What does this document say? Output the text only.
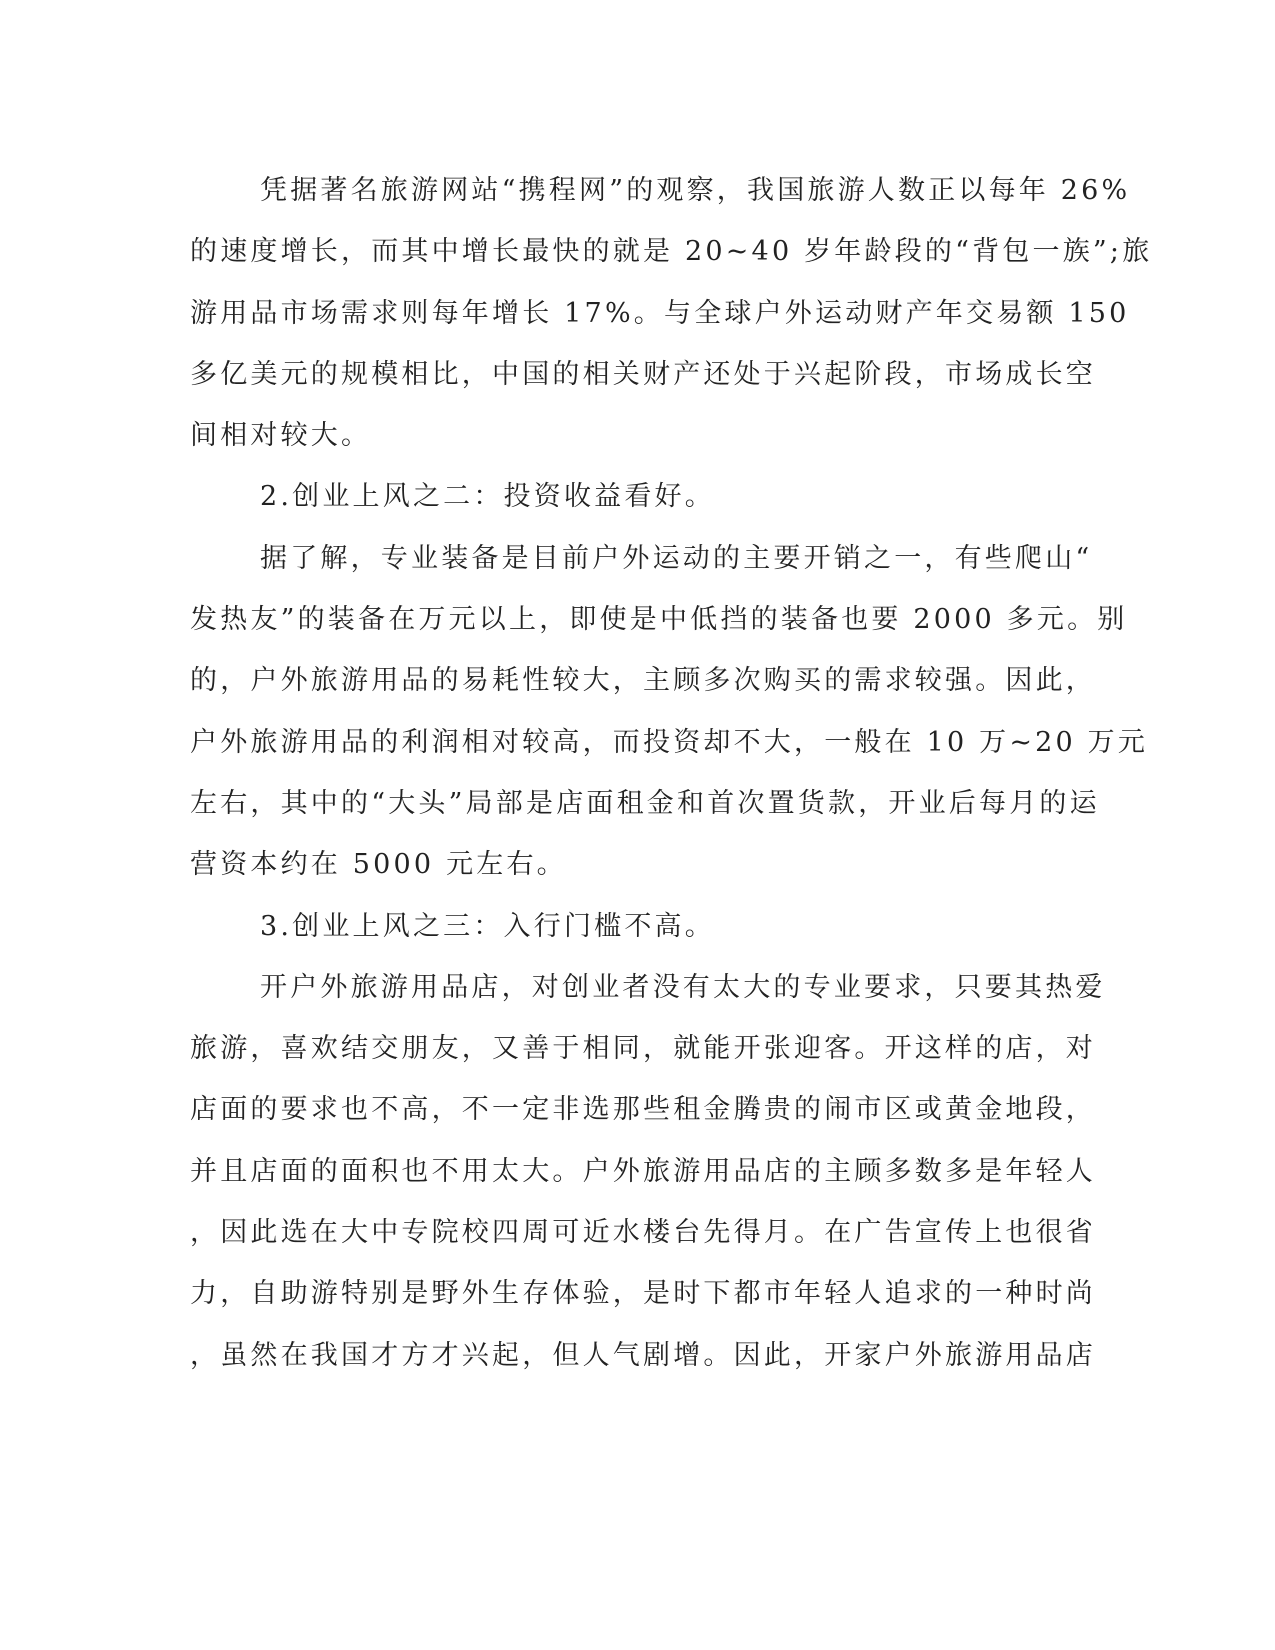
凭据著名旅游网站“携程网”的观察，我国旅游人数正以每年 26%
的速度增长，而其中增长最快的就是 20~40 岁年龄段的“背包一族”;旅
游用品市场需求则每年增长 17%。与全球户外运动财产年交易额 150
多亿美元的规模相比，中国的相关财产还处于兴起阶段，市场成长空
间相对较大。
2.创业上风之二：投资收益看好。
据了解，专业装备是目前户外运动的主要开销之一，有些爬山“
发热友”的装备在万元以上，即使是中低挡的装备也要 2000 多元。别
的，户外旅游用品的易耗性较大，主顾多次购买的需求较强。因此，
户外旅游用品的利润相对较高，而投资却不大，一般在 10 万~20 万元
左右，其中的“大头”局部是店面租金和首次置货款，开业后每月的运
营资本约在 5000 元左右。
3.创业上风之三：入行门槛不高。
开户外旅游用品店，对创业者没有太大的专业要求，只要其热爱
旅游，喜欢结交朋友，又善于相同，就能开张迎客。开这样的店，对
店面的要求也不高，不一定非选那些租金腾贵的闹市区或黄金地段，
并且店面的面积也不用太大。户外旅游用品店的主顾多数多是年轻人
，因此选在大中专院校四周可近水楼台先得月。在广告宣传上也很省
力，自助游特别是野外生存体验，是时下都市年轻人追求的一种时尚
，虽然在我国才方才兴起，但人气剧增。因此，开家户外旅游用品店
